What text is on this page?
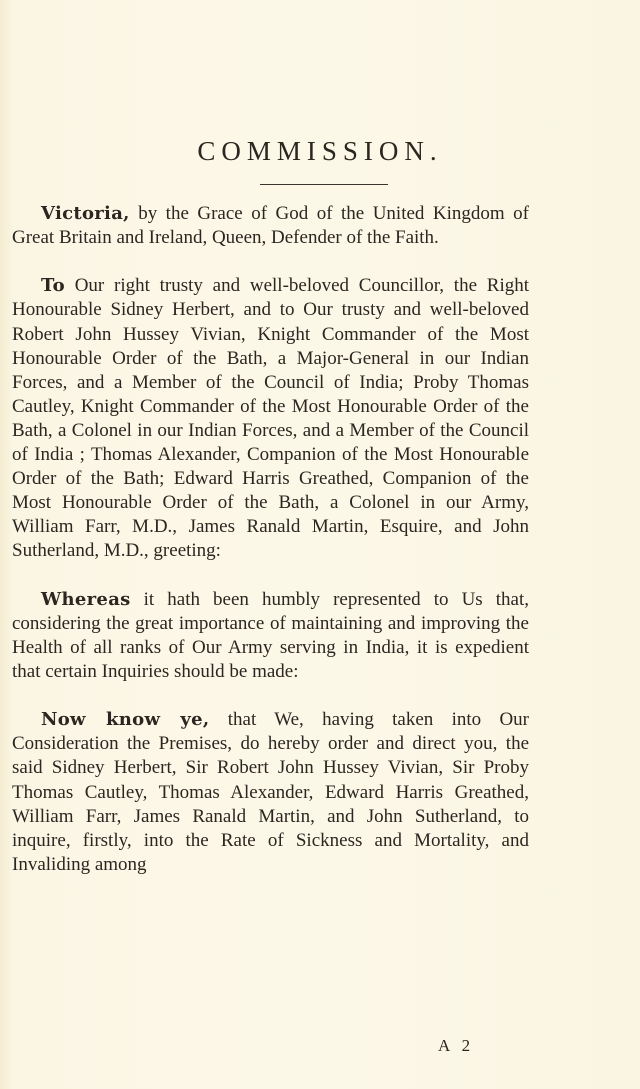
COMMISSION.

Victoria, by the Grace of God of the United Kingdom of Great Britain and Ireland, Queen, Defender of the Faith.

To Our right trusty and well-beloved Councillor, the Right Honourable Sidney Herbert, and to Our trusty and well-beloved Robert John Hussey Vivian, Knight Commander of the Most Honourable Order of the Bath, a Major-General in our Indian Forces, and a Member of the Council of India; Proby Thomas Cautley, Knight Commander of the Most Honourable Order of the Bath, a Colonel in our Indian Forces, and a Member of the Council of India ; Thomas Alexander, Companion of the Most Honourable Order of the Bath; Edward Harris Greathed, Companion of the Most Honourable Order of the Bath, a Colonel in our Army, William Farr, M.D., James Ranald Martin, Esquire, and John Sutherland, M.D., greeting:

Whereas it hath been humbly represented to Us that, considering the great importance of maintaining and improving the Health of all ranks of Our Army serving in India, it is expedient that certain Inquiries should be made:

Now know ye, that We, having taken into Our Consideration the Premises, do hereby order and direct you, the said Sidney Herbert, Sir Robert John Hussey Vivian, Sir Proby Thomas Cautley, Thomas Alexander, Edward Harris Greathed, William Farr, James Ranald Martin, and John Sutherland, to inquire, firstly, into the Rate of Sickness and Mortality, and Invaliding among

A 2
